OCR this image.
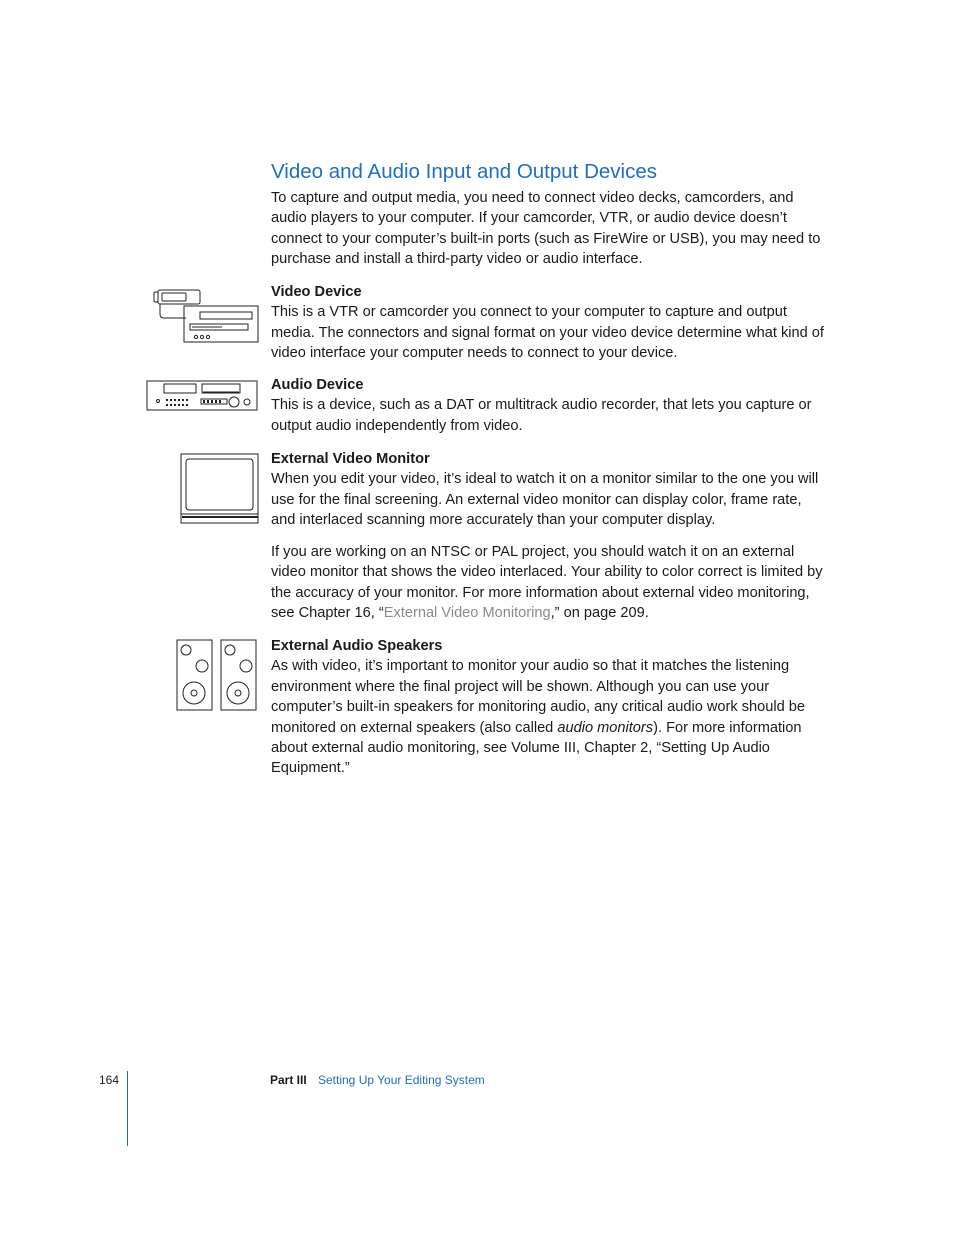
Video and Audio Input and Output Devices

To capture and output media, you need to connect video decks, camcorders, and audio players to your computer. If your camcorder, VTR, or audio device doesn’t connect to your computer’s built-in ports (such as FireWire or USB), you may need to purchase and install a third-party video or audio interface.

Video Device
This is a VTR or camcorder you connect to your computer to capture and output media. The connectors and signal format on your video device determine what kind of video interface your computer needs to connect to your device.

Audio Device
This is a device, such as a DAT or multitrack audio recorder, that lets you capture or output audio independently from video.

External Video Monitor
When you edit your video, it’s ideal to watch it on a monitor similar to the one you will use for the final screening. An external video monitor can display color, frame rate, and interlaced scanning more accurately than your computer display.

If you are working on an NTSC or PAL project, you should watch it on an external video monitor that shows the video interlaced. Your ability to color correct is limited by the accuracy of your monitor. For more information about external video monitoring, see Chapter 16, “External Video Monitoring,” on page 209.

External Audio Speakers
As with video, it’s important to monitor your audio so that it matches the listening environment where the final project will be shown. Although you can use your computer’s built-in speakers for monitoring audio, any critical audio work should be monitored on external speakers (also called audio monitors). For more information about external audio monitoring, see Volume III, Chapter 2, “Setting Up Audio Equipment.”

164	Part III Setting Up Your Editing System
